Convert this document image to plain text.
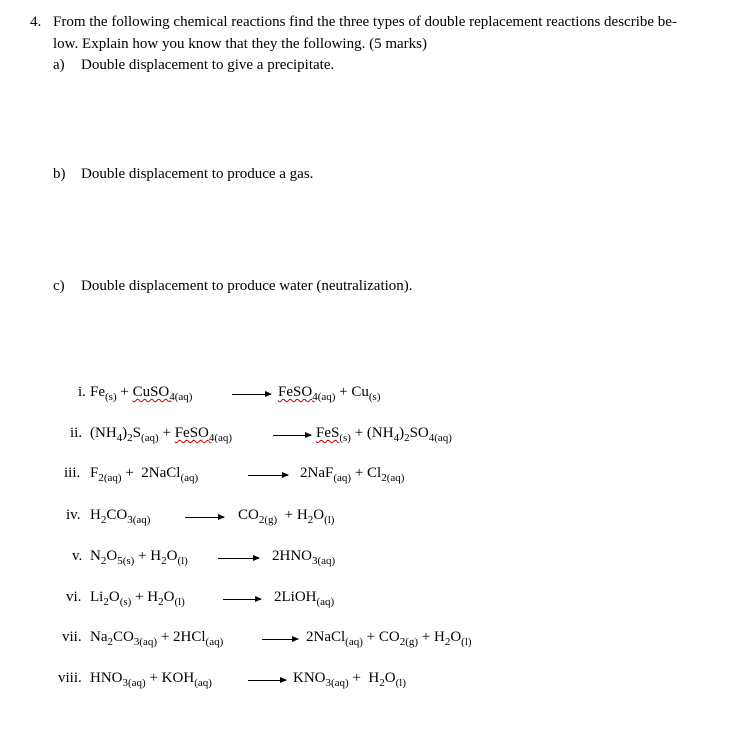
4. From the following chemical reactions find the three types of double replacement reactions describe be-
low. Explain how you know that they the following. (5 marks)
a) Double displacement to give a precipitate.
b) Double displacement to produce a gas.
c) Double displacement to produce water (neutralization).
i. $Fe_{(s)}$ + CuSO$_{4(aq)}$	→ FeSO$_{4(aq)}$ + $Cu_{(s)}$
ii. $(NH_4)_2S_{(aq)}$ + FeSO$_{4(aq)}$	→ $FeS_{(s)} + (NH_4)_2SO_{4(aq)}$
iii. $F_{2(aq)}$ +  2NaCl$_{(aq)}$	→ $2NaF_{(aq)} + Cl_{2(aq)}$
iv. $H_2CO_{3(aq)} \to CO_{2(g)} + H_2O_{(l)}$
v. $N_2O_{5(s)} + H_2O_{(l)} \to 2HNO_{3(aq)}$
vi. $Li_2O_{(s)} + H_2O_{(l)}$	→ 2LiOH$_{(aq)}$
vii. $Na_2CO_{3(aq)} + 2HCl_{(aq)}$	→ 2NaCl$_{(aq)}$ + $CO_{2(g)} + H_2O_{(l)}$
viii. $HNO_{3(aq)} + KOH_{(aq)} \to KNO_{3(aq)} + H_2O_{(l)}$
